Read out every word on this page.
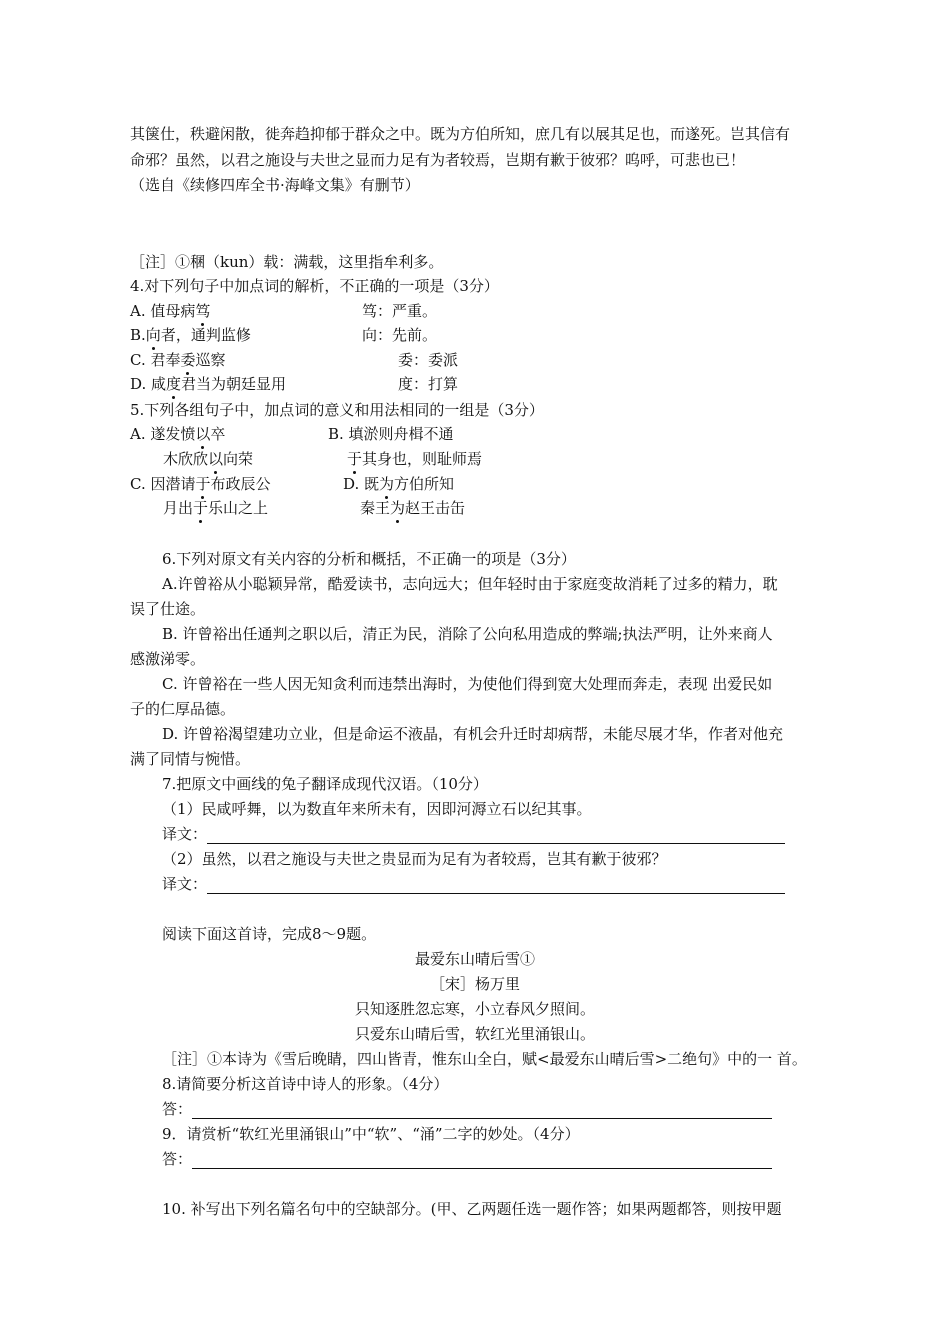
其箧仕，秩避闲散，徙奔趋抑郁于群众之中。既为方伯所知，庶几有以展其足也，而遂死。岂其信有
命邪？虽然，以君之施设与夫世之显而力足有为者较焉，岂期有歉于彼邪？呜呼，可悲也已！
（选自《续修四库全书·海峰文集》有删节）
［注］①稛（kun）载：满载，这里指牟利多。
4.对下列句子中加点词的解析，不正确的一项是（3分）
A. 值母病笃	笃：严重。
B.向者，通判监修	向：先前。
C. 君奉委巡察	委：委派
D. 咸度君当为朝廷显用	度：打算
5.下列各组句子中，加点词的意义和用法相同的一组是（3分）
A. 遂发愤以卒	B. 填淤则舟楫不通
木欣欣以向荣	于其身也，则耻师焉
C. 因潜请于布政辰公	D. 既为方伯所知
月出于乐山之上	秦王为赵王击缶
6.下列对原文有关内容的分析和概括，不正确一的项是（3分）
A.许曾裕从小聪颖异常，酷爱读书，志向远大；但年轻时由于家庭变故消耗了过多的精力，耽
误了仕途。
B. 许曾裕出任通判之职以后，清正为民，消除了公向私用造成的弊端;执法严明，让外来商人
感激涕零。
C. 许曾裕在一些人因无知贪利而违禁出海时，为使他们得到宽大处理而奔走，表现 出爱民如
子的仁厚品德。
D. 许曾裕渴望建功立业，但是命运不液晶，有机会升迁时却病帮，未能尽展才华，作者对他充
满了同情与惋惜。
7.把原文中画线的兔子翻译成现代汉语。（10分）
（1）民咸呼舞，以为数直年来所未有，因即河溽立石以纪其事。
译文：
（2）虽然，以君之施设与夫世之贵显而为足有为者较焉，岂其有歉于彼邪？
译文：
阅读下面这首诗，完成8～9题。
最爱东山晴后雪①
［宋］杨万里
只知逐胜忽忘寒，小立春风夕照间。
只爱东山晴后雪，软红光里涌银山。
［注］①本诗为《雪后晚睛，四山皆青，惟东山全白，赋<最爱东山晴后雪>二绝句》中的一 首。
8.请简要分析这首诗中诗人的形象。（4分）
答：
9．请赏析“软红光里涌银山”中“软”、“涌”二字的妙处。（4分）
答：
10. 补写出下列名篇名句中的空缺部分。(甲、乙两题任选一题作答；如果两题都答，则按甲题
